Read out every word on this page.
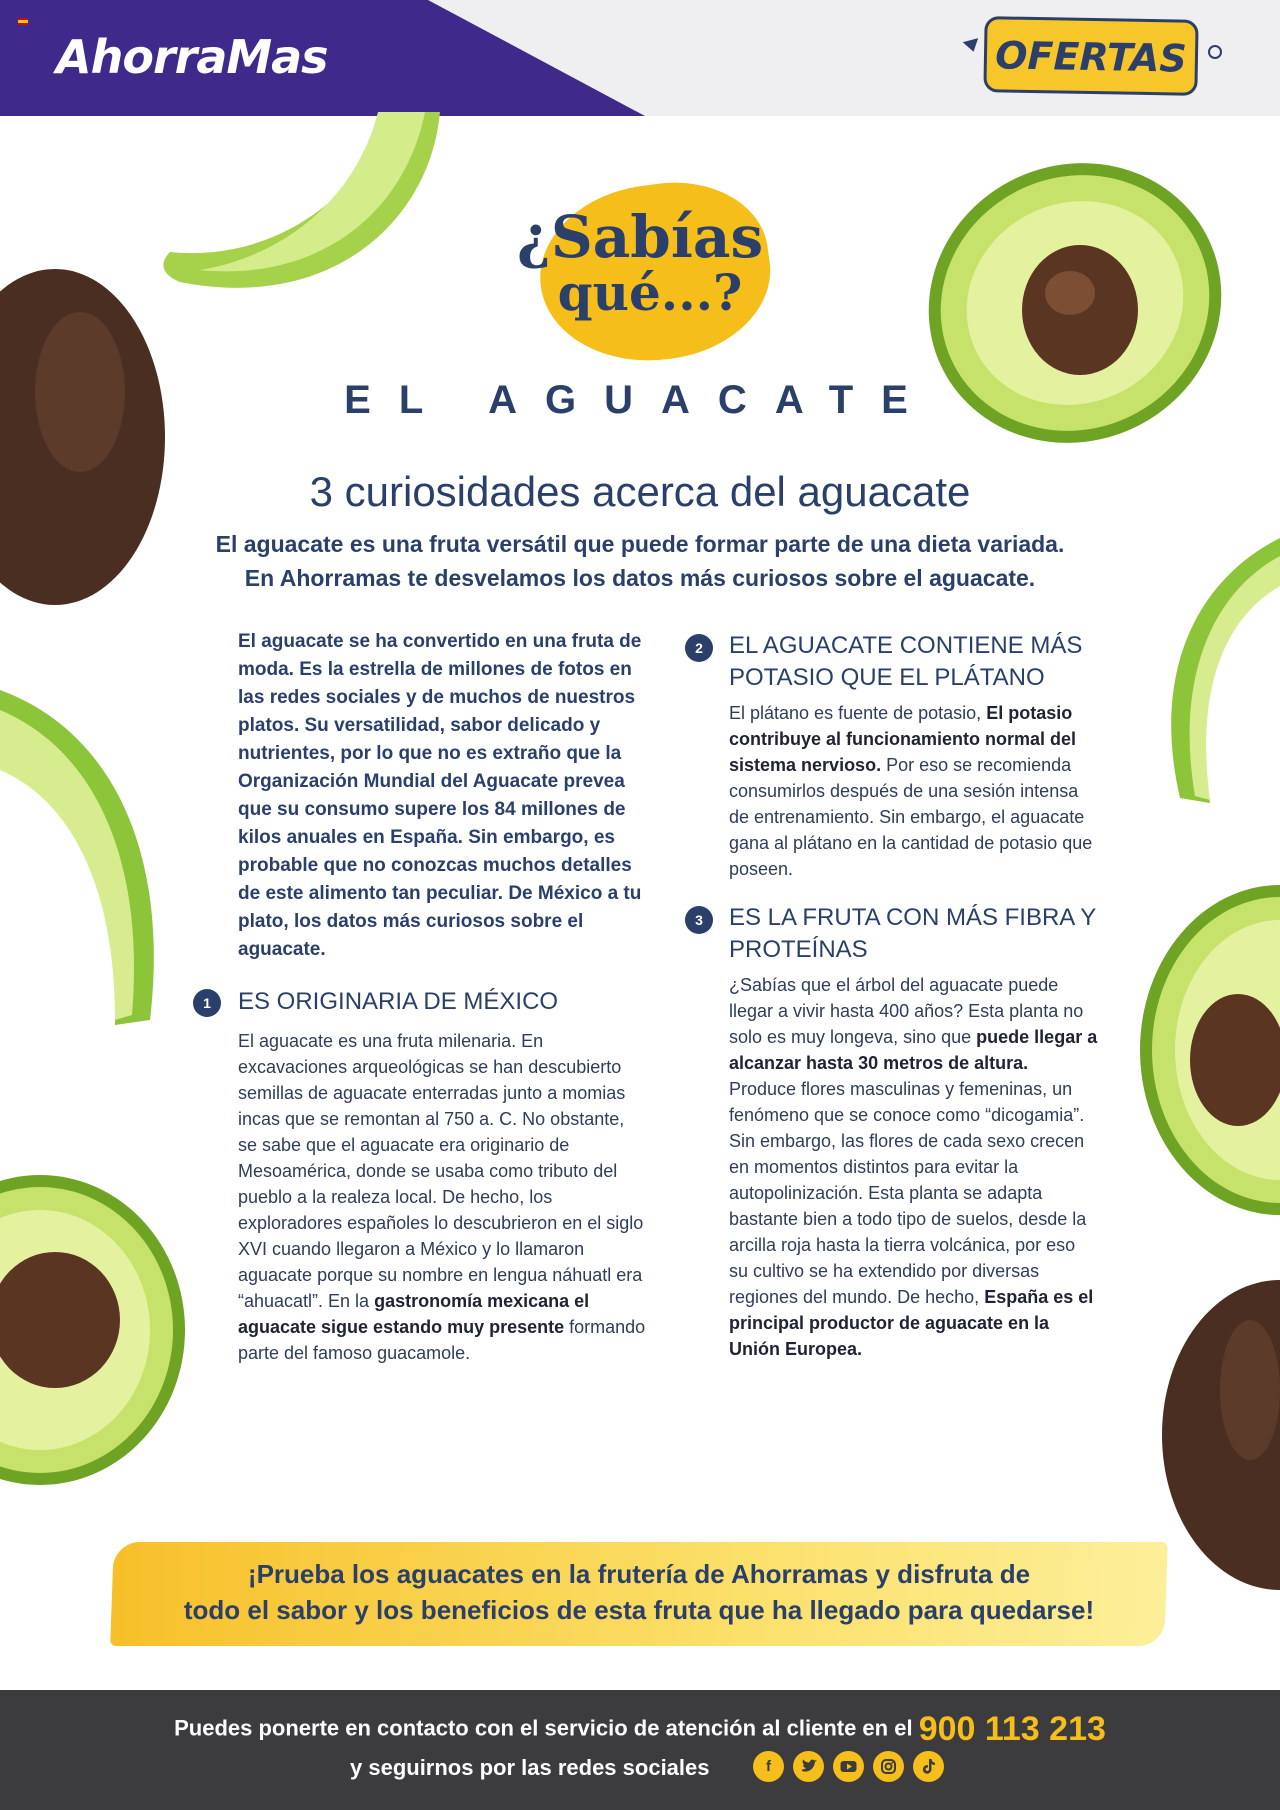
AhorraMas	OFERTAS
¿Sabías
qué...?
EL AGUACATE
3 curiosidades acerca del aguacate
El aguacate es una fruta versátil que puede formar parte de una dieta variada.
En Ahorramas te desvelamos los datos más curiosos sobre el aguacate.

El aguacate se ha convertido en una fruta de moda. Es la estrella de millones de fotos en las redes sociales y de muchos de nuestros platos. Su versatilidad, sabor delicado y nutrientes, por lo que no es extraño que la Organización Mundial del Aguacate prevea que su consumo supere los 84 millones de kilos anuales en España. Sin embargo, es probable que no conozcas muchos detalles de este alimento tan peculiar. De México a tu plato, los datos más curiosos sobre el aguacate.

1	ES ORIGINARIA DE MÉXICO

El aguacate es una fruta milenaria. En excavaciones arqueológicas se han descubierto semillas de aguacate enterradas junto a momias incas que se remontan al 750 a. C. No obstante, se sabe que el aguacate era originario de Mesoamérica, donde se usaba como tributo del pueblo a la realeza local. De hecho, los exploradores españoles lo descubrieron en el siglo XVI cuando llegaron a México y lo llamaron aguacate porque su nombre en lengua náhuatl era “ahuacatl”. En la gastronomía mexicana el aguacate sigue estando muy presente formando parte del famoso guacamole.

2	EL AGUACATE CONTIENE MÁS POTASIO QUE EL PLÁTANO

El plátano es fuente de potasio, El potasio contribuye al funcionamiento normal del sistema nervioso. Por eso se recomienda consumirlos después de una sesión intensa de entrenamiento. Sin embargo, el aguacate gana al plátano en la cantidad de potasio que poseen.

3	ES LA FRUTA CON MÁS FIBRA Y PROTEÍNAS

¿Sabías que el árbol del aguacate puede llegar a vivir hasta 400 años? Esta planta no solo es muy longeva, sino que puede llegar a alcanzar hasta 30 metros de altura. Produce flores masculinas y femeninas, un fenómeno que se conoce como “dicogamia”. Sin embargo, las flores de cada sexo crecen en momentos distintos para evitar la autopolinización. Esta planta se adapta bastante bien a todo tipo de suelos, desde la arcilla roja hasta la tierra volcánica, por eso su cultivo se ha extendido por diversas regiones del mundo. De hecho, España es el principal productor de aguacate en la Unión Europea.

¡Prueba los aguacates en la frutería de Ahorramas y disfruta de
todo el sabor y los beneficios de esta fruta que ha llegado para quedarse!
Puedes ponerte en contacto con el servicio de atención al cliente en el 900 113 213
y seguirnos por las redes sociales	f
